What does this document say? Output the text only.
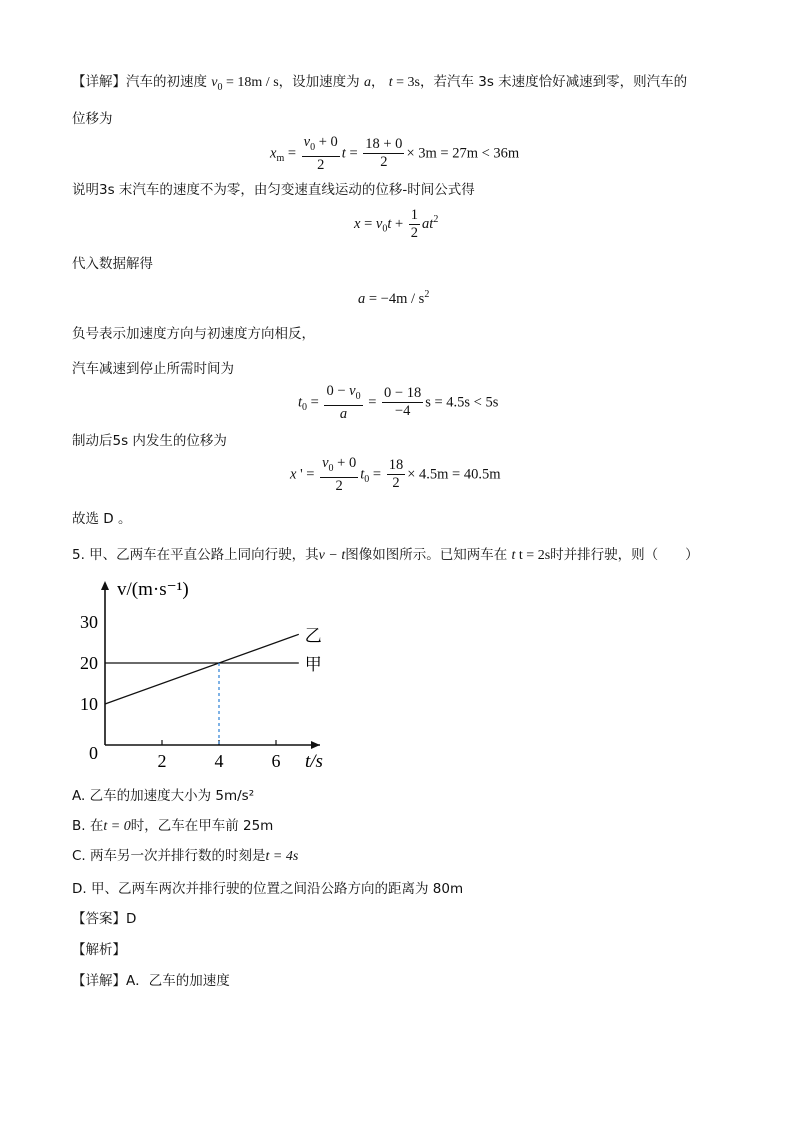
【详解】汽车的初速度 $v_0 = 18m / s$，设加速度为 a， t = 3s，若汽车 3s 末速度恰好减速到零，则汽车的
位移为
$x_m = \frac{v_0 + 0}{2}$ $t = \frac{18 + 0}{2} \times 3m = 27m < 36m$
说明3s 末汽车的速度不为零，由匀变速直线运动的位移-时间公式得
$x = v_0t + \frac{1}{2} at^2$
代入数据解得
$a = -4m / s^2$
负号表示加速度方向与初速度方向相反，
汽车减速到停止所需时间为
$t_0 = \frac{0 - v_0}{a} = \frac{0 - 18}{-4}$ s = 4.5s < 5s
制动后5s 内发生的位移为
x ' = $\frac{v_0 + 0}{2} t_0 = \frac{18}{2} \times 4.5m = 40.5m$
故选 D 。
5. 甲、乙两车在平直公路上同向行驶，其v − t图像如图所示。已知两车在 t t = 2s时并排行驶，则（　　）
v/(m·s⁻¹)
t/s
0	2	4	6
10
20
30
乙
甲
A. 乙车的加速度大小为 5m/s²
B. 在t = 0时，乙车在甲车前 25m
C. 两车另一次并排行数的时刻是t = 4s
D. 甲、乙两车两次并排行驶的位置之间沿公路方向的距离为 80m
【答案】D
【解析】
【详解】A．乙车的加速度
